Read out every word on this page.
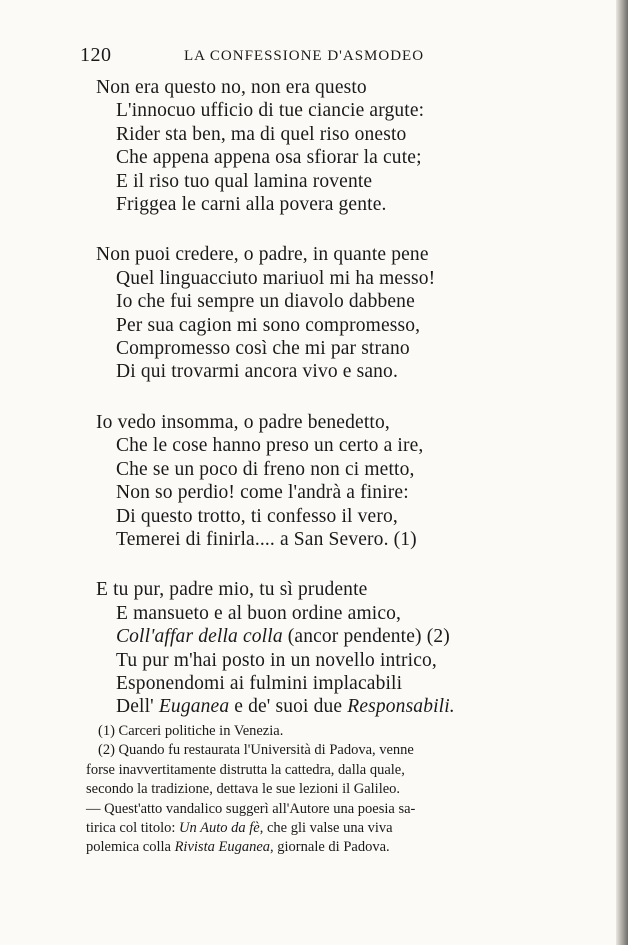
120	LA CONFESSIONE D'ASMODEO
Non era questo no, non era questo
L'innocuo ufficio di tue ciancie argute:
Rider sta ben, ma di quel riso onesto
Che appena appena osa sfiorar la cute;
E il riso tuo qual lamina rovente
Friggea le carni alla povera gente.
Non puoi credere, o padre, in quante pene
Quel linguacciuto mariuol mi ha messo!
Io che fui sempre un diavolo dabbene
Per sua cagion mi sono compromesso,
Compromesso così che mi par strano
Di qui trovarmi ancora vivo e sano.
Io vedo insomma, o padre benedetto,
Che le cose hanno preso un certo a ire,
Che se un poco di freno non ci metto,
Non so perdio! come l'andrà a finire:
Di questo trotto, ti confesso il vero,
Temerei di finirla.... a San Severo. (1)
E tu pur, padre mio, tu sì prudente
E mansueto e al buon ordine amico,
Coll'affar della colla (ancor pendente) (2)
Tu pur m'hai posto in un novello intrico,
Esponendomi ai fulmini implacabili
Dell' Euganea e de' suoi due Responsabili.
(1) Carceri politiche in Venezia.
(2) Quando fu restaurata l'Università di Padova, venne
forse inavvertitamente distrutta la cattedra, dalla quale,
secondo la tradizione, dettava le sue lezioni il Galileo.
— Quest'atto vandalico suggerì all'Autore una poesia sa-
tirica col titolo: Un Auto da fè, che gli valse una viva
polemica colla Rivista Euganea, giornale di Padova.
